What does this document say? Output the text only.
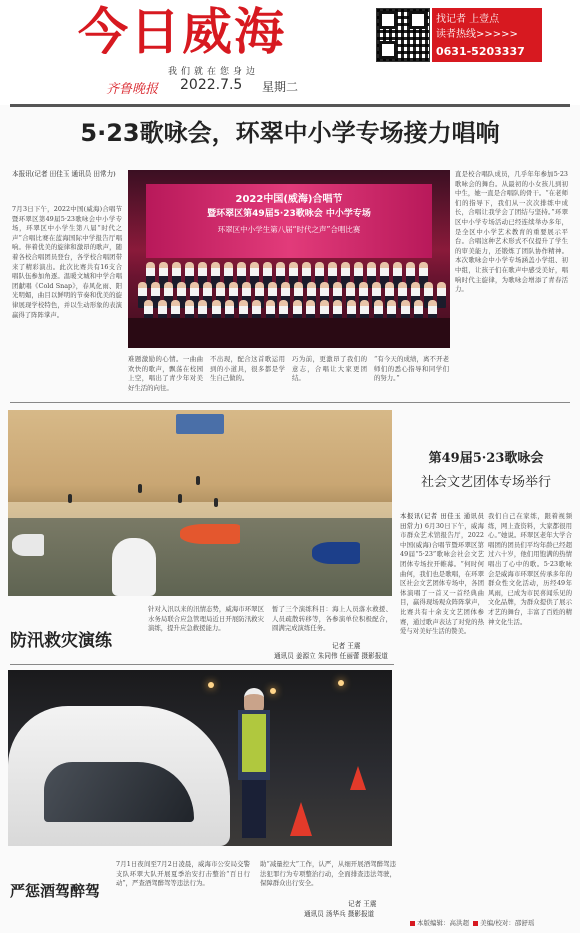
今日威海
我们就在您身边
齐鲁晚报 2022.7.5 星期二
找记者 上壹点
读者热线>>>>>
0631-5203337
5·23歌咏会，环翠中小学专场接力唱响
本报讯(记者 田佳玉 通讯员 田常力)
7月3日下午，2022中国(威海)合唱节暨环翠区第49届5·23歌咏会中小学专场，环翠区中小学生第八届“时代之声”合唱比赛在蓝海国际中学报告厅唱响。伴着优美的旋律和激昂的歌声，随着各校合唱团员登台，各学校合唱团带来了精彩演出。此次比赛共有16支合唱队伍参加角逐。温暖文城和中学合唱团献唱《Cold Snap》，春风化雨、阳光明媚，曲目以鲜明的节奏和优美的旋律展现学校特色，并以生动形象的表演赢得了阵阵掌声。
2022中国(威海)合唱节
暨环翠区第49届5·23歌咏会 中小学专场
环翠区中小学生第八届“时代之声”合唱比赛
直是校合唱队成员，几乎年年参加5·23歌咏会的舞台。从最初的小女孩儿到初中生，她一直是合唱队的骨干。“在老师们的指导下，我们从一次次排练中成长，合唱让我学会了团结与坚持。”环翠区中小学专场活动已经连续举办多年，是全区中小学艺术教育的重要展示平台。合唱这种艺术形式不仅提升了学生的审美能力，还锻炼了团队协作精神。本次歌咏会中小学专场涵盖小学组、初中组，让孩子们在歌声中感受美好，唱响时代主旋律，为歌咏会增添了青春活力。
难题激励的心情。一曲曲欢快的歌声，飘荡在校园上空，唱出了青少年对美好生活的向往。
不出现，配合这首歌运用到的小道具，很多都是学生自己做的。
巧为前，更激昂了我们的意志，合唱让大家更团结。
“有今天的成绩，离不开老师们的悉心指导和同学们的努力。”
第49届5·23歌咏会
社会文艺团体专场举行
本报讯(记者 田佳玉 通讯员 田常力) 6月30日下午，威海市群众艺术馆报告厅，2022中国(威海)合唱节暨环翠区第49届“5·23”歌咏会社会文艺团体专场拉开帷幕。“何时何曲何，我们也是歌唱，在环翠区社会文艺团体专场中，各团体演唱了一首又一首经典曲目，赢得现场观众阵阵掌声，比赛共有十余支文艺团体参赛，通过歌声表达了对党的热爱与对美好生活的赞美。
我们自己在家练，跟着视频练，网上查资料，大家都很用心。”她说。环翠区老年大学合唱团的团员们平均年龄已经超过六十岁，他们用饱满的热情唱出了心中的歌。5·23歌咏会是威海市环翠区传承多年的群众性文化活动，历经49年风雨，已成为市民喜闻乐见的文化品牌，为群众提供了展示才艺的舞台，丰富了百姓的精神文化生活。
防汛救灾演练
针对入汛以来的汛情态势，威海市环翠区水务局联合应急管理局近日开展防汛救灾演练，提升应急救援能力。
暂了三个演练科目：海上人员落水救援、人员疏散转移等，各参演单位积极配合，圆满完成演练任务。
记者 王震
通讯员 姜源立 朱同伟 任丽蕾 摄影报道
严惩酒驾醉驾
7月1日夜间至7月2日凌晨，威海市公安局交警支队环翠大队开展夏季治安打击整治“百日行动”，严查酒驾醉驾等违法行为。
助“减量控大”工作，认严，从细开展酒驾醉驾违法犯罪行为专项整治行动，全面排查违法驾驶，保障群众出行安全。
记者 王震
通讯员 汤华兵 摄影报道
本版编辑：高洪超 美编/校对：邵舒瑶
